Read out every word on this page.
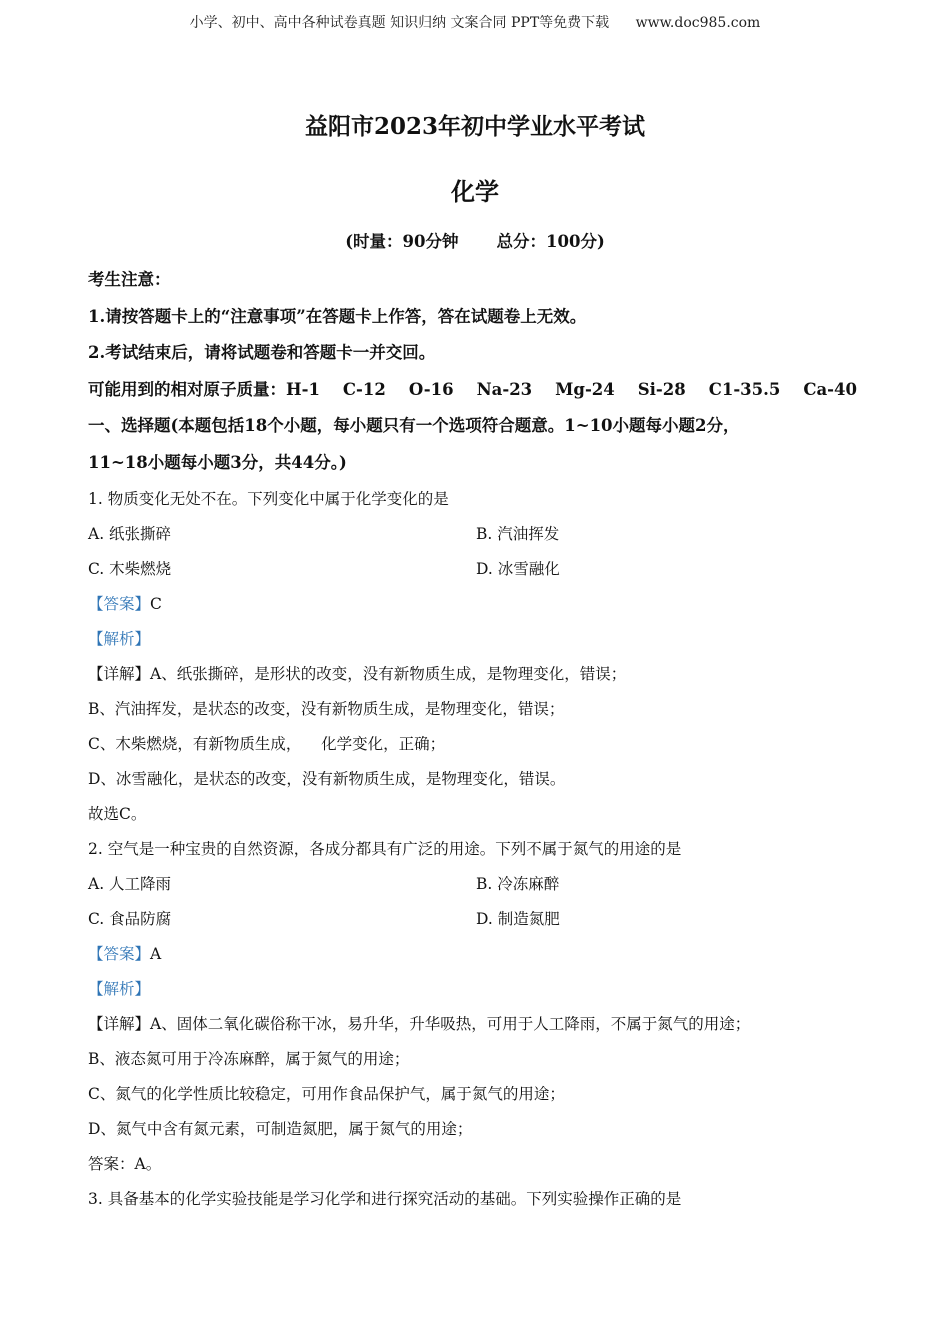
小学、初中、高中各种试卷真题 知识归纳 文案合同 PPT等免费下载 www.doc985.com
益阳市2023年初中学业水平考试
化学
(时量：90分钟 总分：100分)
考生注意：
1.请按答题卡上的“注意事项”在答题卡上作答，答在试题卷上无效。
2.考试结束后，请将试题卷和答题卡一并交回。
可能用到的相对原子质量：H-1    C-12    O-16    Na-23    Mg-24    Si-28    C1-35.5    Ca-40
一、选择题(本题包括18个小题，每小题只有一个选项符合题意。1~10小题每小题2分，
11~18小题每小题3分，共44分。)
1. 物质变化无处不在。下列变化中属于化学变化的是
A. 纸张撕碎	B. 汽油挥发
C. 木柴燃烧	D. 冰雪融化
【答案】C
【解析】
【详解】A、纸张撕碎，是形状的改变，没有新物质生成，是物理变化，错误；
B、汽油挥发，是状态的改变，没有新物质生成，是物理变化，错误；
C、木柴燃烧，有新物质生成，    化学变化，正确；
D、冰雪融化，是状态的改变，没有新物质生成，是物理变化，错误。
故选C。
2. 空气是一种宝贵的自然资源，各成分都具有广泛的用途。下列不属于氮气的用途的是
A. 人工降雨	B. 冷冻麻醉
C. 食品防腐	D. 制造氮肥
【答案】A
【解析】
【详解】A、固体二氧化碳俗称干冰，易升华，升华吸热，可用于人工降雨，不属于氮气的用途；
B、液态氮可用于冷冻麻醉，属于氮气的用途；
C、氮气的化学性质比较稳定，可用作食品保护气，属于氮气的用途；
D、氮气中含有氮元素，可制造氮肥，属于氮气的用途；
答案：A。
3. 具备基本的化学实验技能是学习化学和进行探究活动的基础。下列实验操作正确的是
